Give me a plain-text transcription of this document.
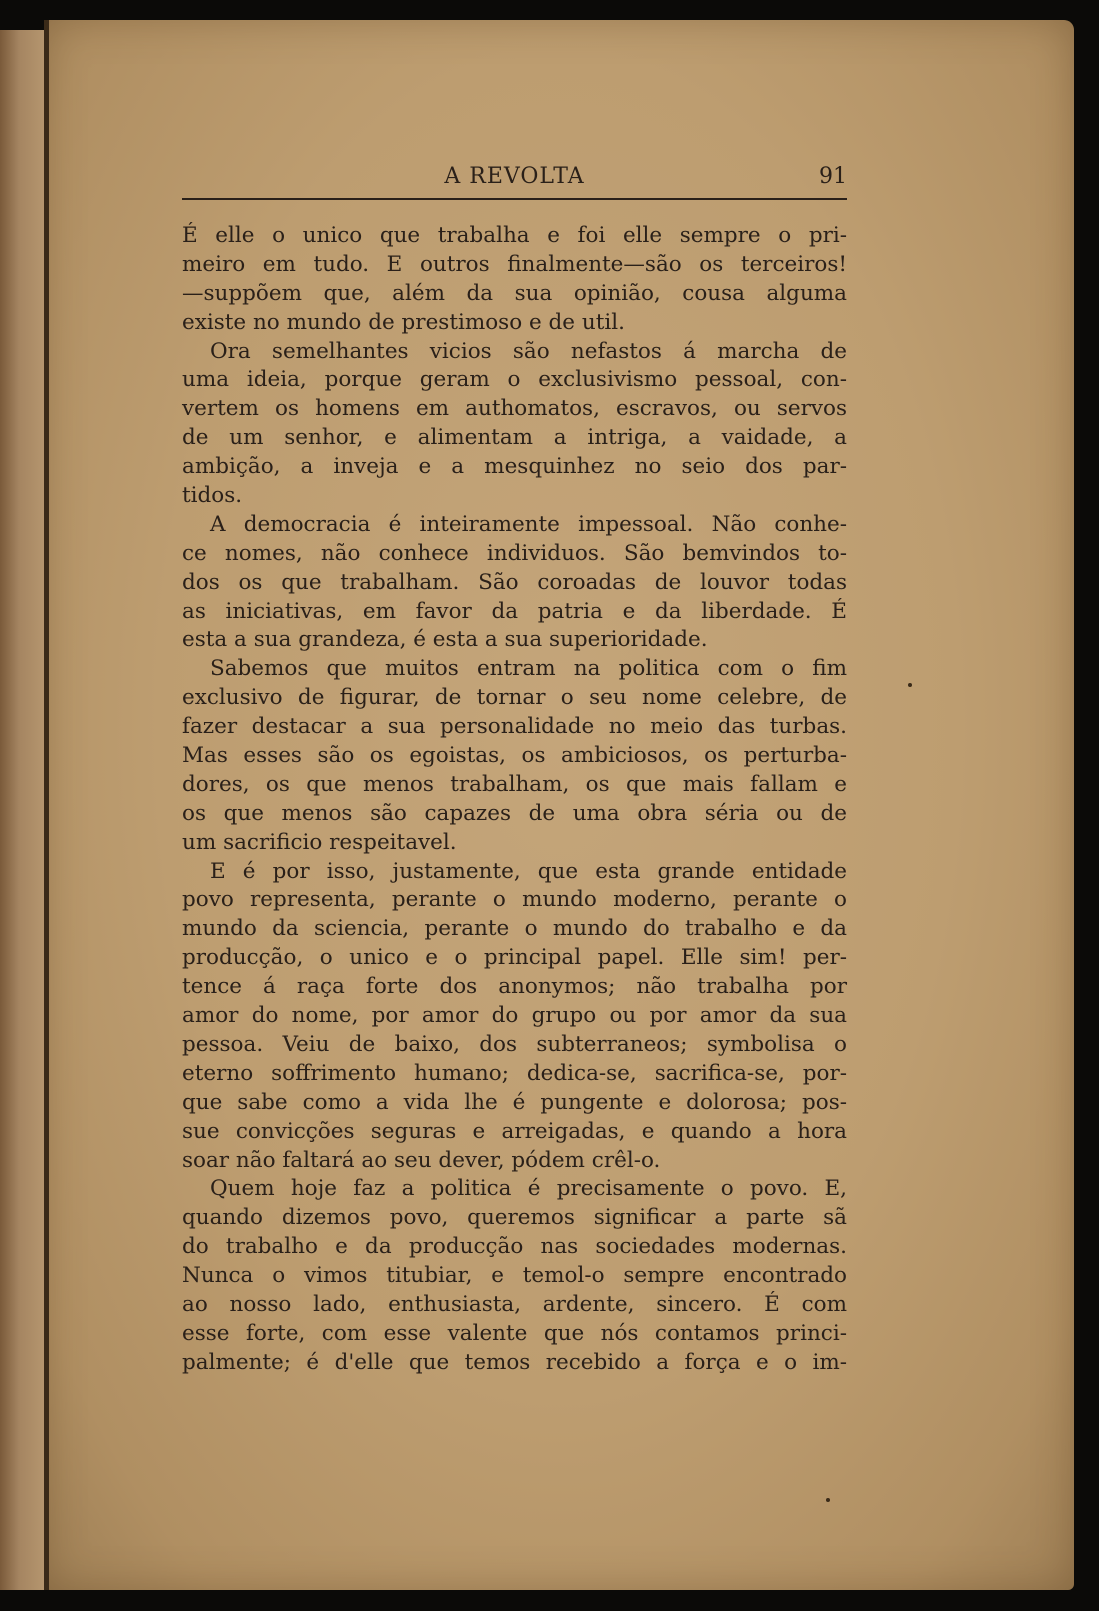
A REVOLTA	91
É elle o unico que trabalha e foi elle sempre o pri-
meiro em tudo. E outros finalmente—são os terceiros!
—suppõem que, além da sua opinião, cousa alguma
existe no mundo de prestimoso e de util.
Ora semelhantes vicios são nefastos á marcha de
uma ideia, porque geram o exclusivismo pessoal, con-
vertem os homens em authomatos, escravos, ou servos
de um senhor, e alimentam a intriga, a vaidade, a
ambição, a inveja e a mesquinhez no seio dos par-
tidos.
A democracia é inteiramente impessoal. Não conhe-
ce nomes, não conhece individuos. São bemvindos to-
dos os que trabalham. São coroadas de louvor todas
as iniciativas, em favor da patria e da liberdade. É
esta a sua grandeza, é esta a sua superioridade.
Sabemos que muitos entram na politica com o fim
exclusivo de figurar, de tornar o seu nome celebre, de
fazer destacar a sua personalidade no meio das turbas.
Mas esses são os egoistas, os ambiciosos, os perturba-
dores, os que menos trabalham, os que mais fallam e
os que menos são capazes de uma obra séria ou de
um sacrificio respeitavel.
E é por isso, justamente, que esta grande entidade
povo representa, perante o mundo moderno, perante o
mundo da sciencia, perante o mundo do trabalho e da
producção, o unico e o principal papel. Elle sim! per-
tence á raça forte dos anonymos; não trabalha por
amor do nome, por amor do grupo ou por amor da sua
pessoa. Veiu de baixo, dos subterraneos; symbolisa o
eterno soffrimento humano; dedica-se, sacrifica-se, por-
que sabe como a vida lhe é pungente e dolorosa; pos-
sue convicções seguras e arreigadas, e quando a hora
soar não faltará ao seu dever, pódem crêl-o.
Quem hoje faz a politica é precisamente o povo. E,
quando dizemos povo, queremos significar a parte sã
do trabalho e da producção nas sociedades modernas.
Nunca o vimos titubiar, e temol-o sempre encontrado
ao nosso lado, enthusiasta, ardente, sincero. É com
esse forte, com esse valente que nós contamos princi-
palmente; é d'elle que temos recebido a força e o im-
